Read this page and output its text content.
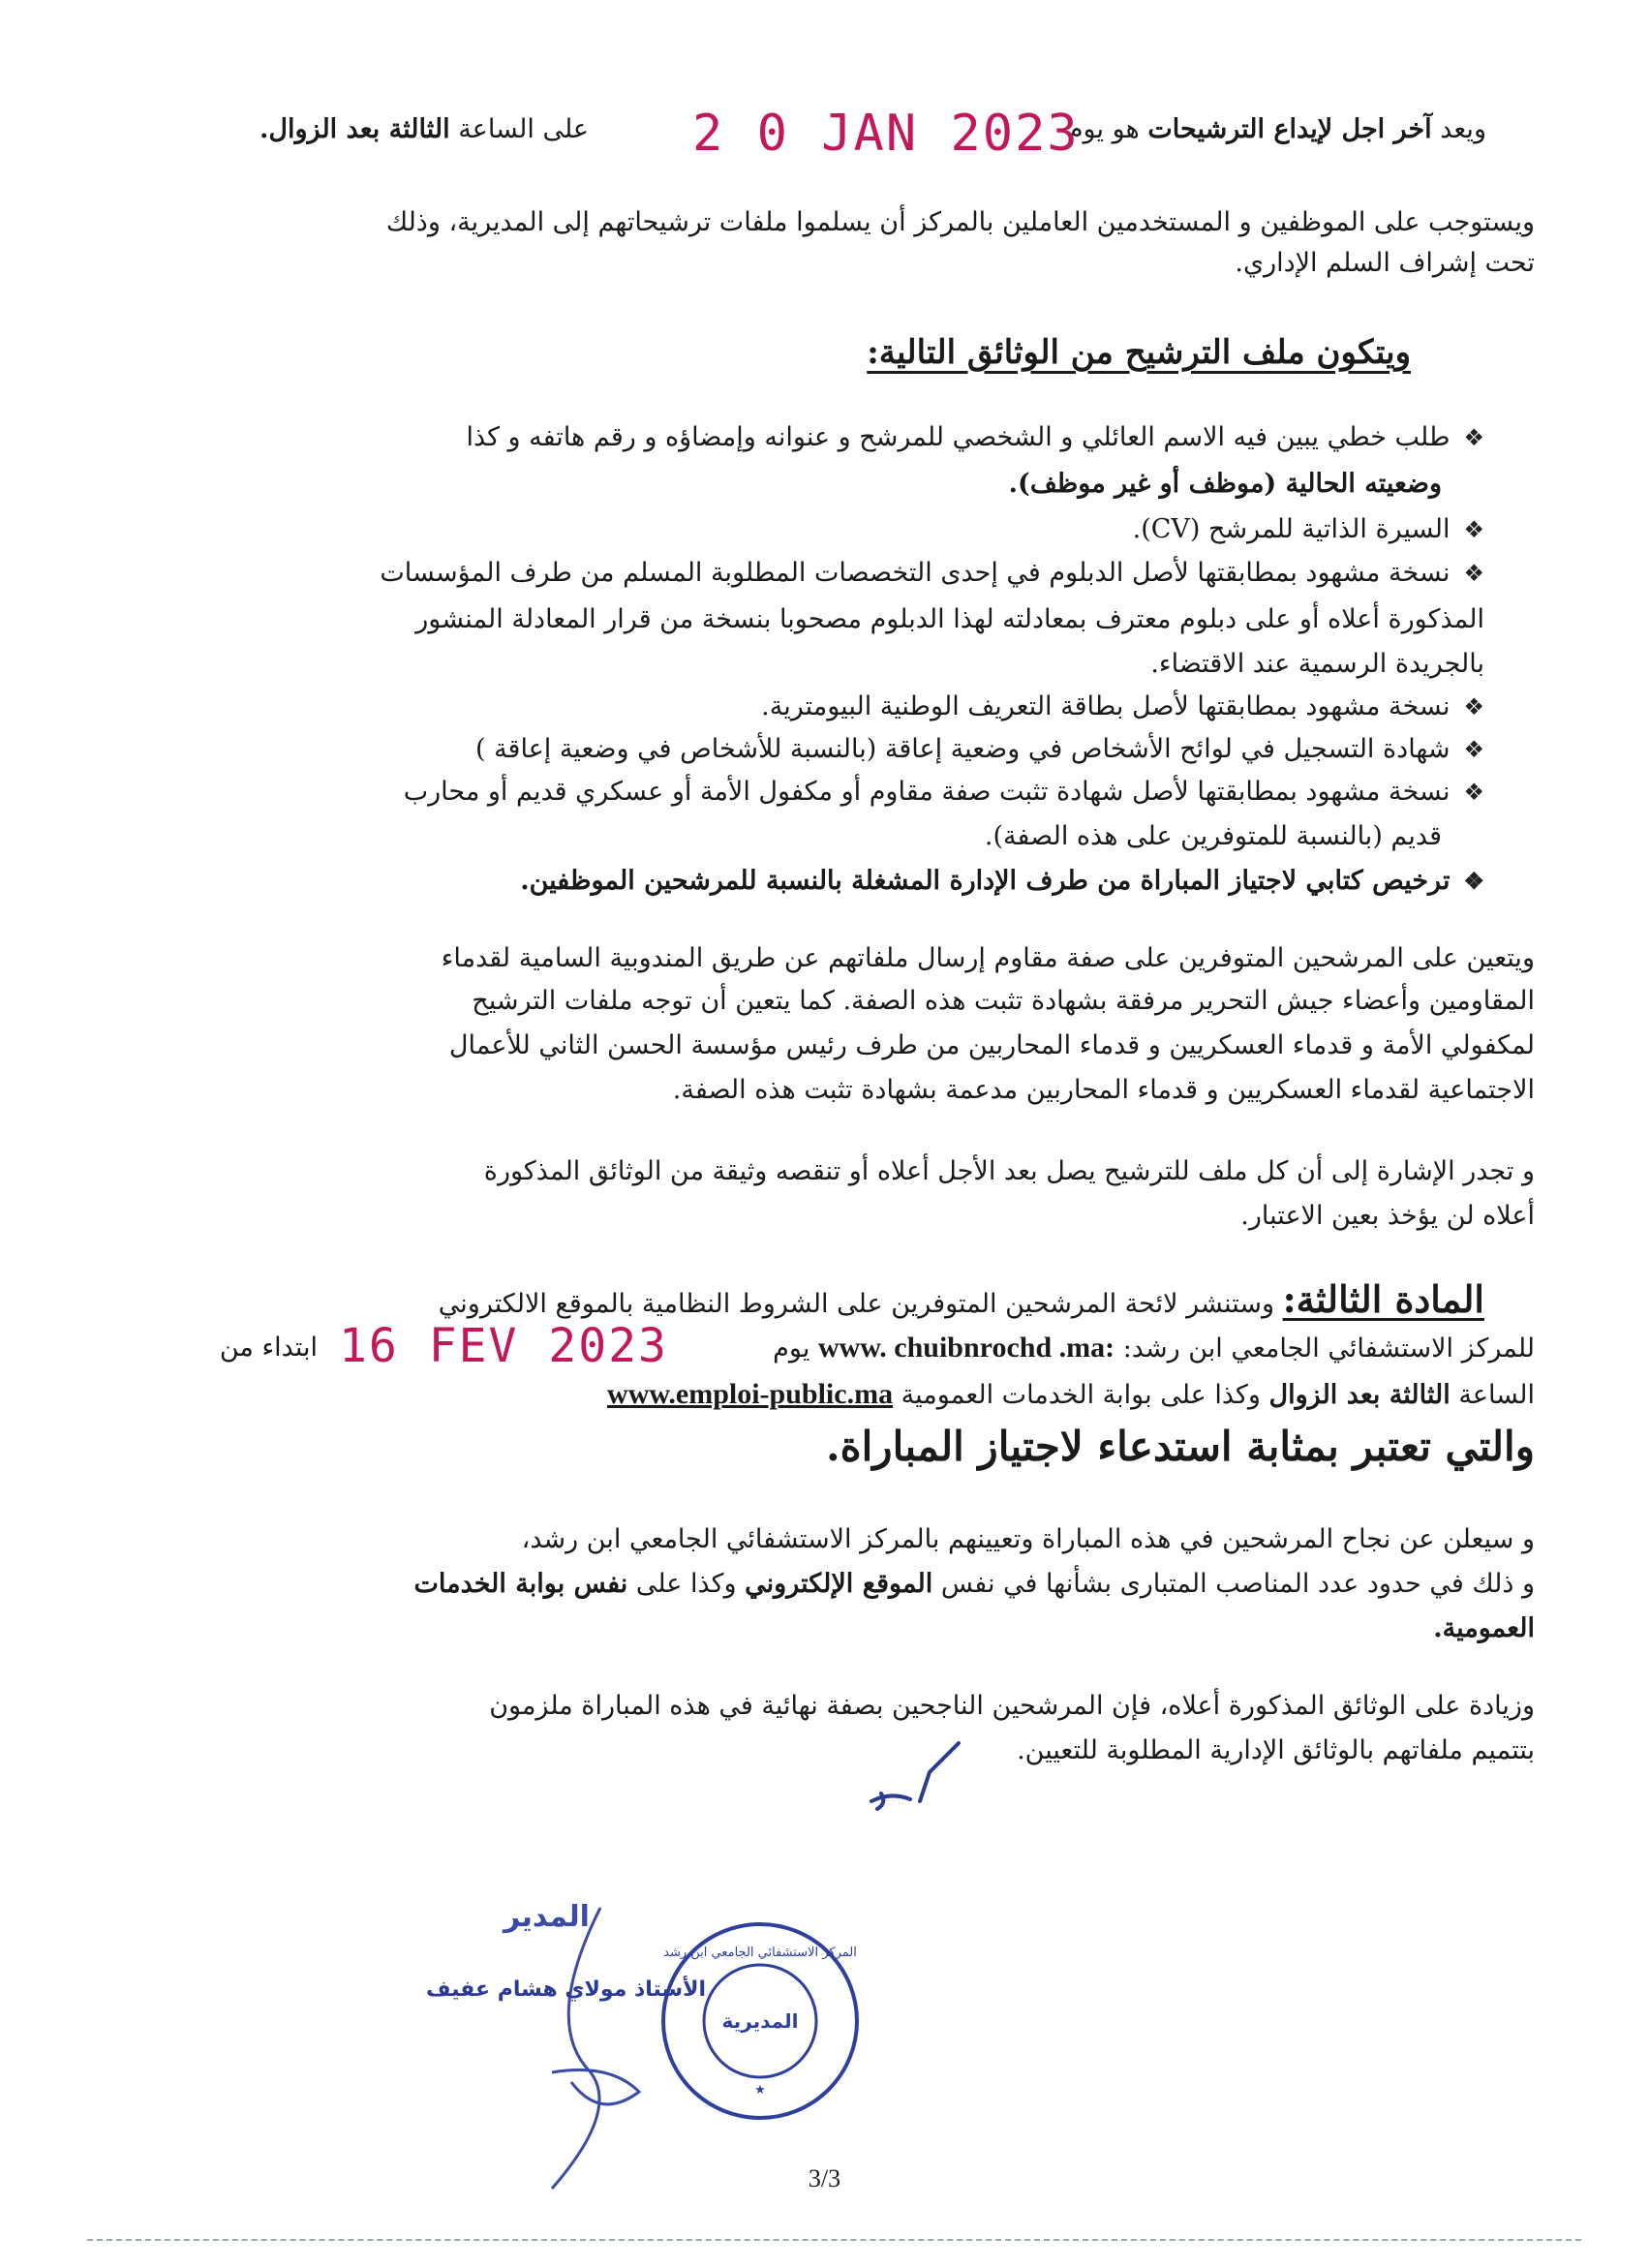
ويعد آخر اجل لإيداع الترشيحات هو يوم
2 0 JAN 2023
على الساعة الثالثة بعد الزوال.
ويستوجب على الموظفين و المستخدمين العاملين بالمركز أن يسلموا ملفات ترشيحاتهم إلى المديرية، وذلك
تحت إشراف السلم الإداري.
ويتكون ملف الترشيح من الوثائق التالية:
❖طلب خطي يبين فيه الاسم العائلي و الشخصي للمرشح و عنوانه وإمضاؤه و رقم هاتفه و كذا
وضعيته الحالية (موظف أو غير موظف).
❖السيرة الذاتية للمرشح (CV).
❖نسخة مشهود بمطابقتها لأصل الدبلوم في إحدى التخصصات المطلوبة المسلم من طرف المؤسسات
المذكورة أعلاه أو على دبلوم معترف بمعادلته لهذا الدبلوم مصحوبا بنسخة من قرار المعادلة المنشور
بالجريدة الرسمية عند الاقتضاء.
❖نسخة مشهود بمطابقتها لأصل بطاقة التعريف الوطنية البيومترية.
❖شهادة التسجيل في لوائح الأشخاص في وضعية إعاقة (بالنسبة للأشخاص في وضعية إعاقة )
❖نسخة مشهود بمطابقتها لأصل شهادة تثبت صفة مقاوم أو مكفول الأمة أو عسكري قديم أو محارب
قديم (بالنسبة للمتوفرين على هذه الصفة).
❖ترخيص كتابي لاجتياز المباراة من طرف الإدارة المشغلة بالنسبة للمرشحين الموظفين.
ويتعين على المرشحين المتوفرين على صفة مقاوم إرسال ملفاتهم عن طريق المندوبية السامية لقدماء
المقاومين وأعضاء جيش التحرير مرفقة بشهادة تثبت هذه الصفة. كما يتعين أن توجه ملفات الترشيح
لمكفولي الأمة و قدماء العسكريين و قدماء المحاربين من طرف رئيس مؤسسة الحسن الثاني للأعمال
الاجتماعية لقدماء العسكريين و قدماء المحاربين مدعمة بشهادة تثبت هذه الصفة.
و تجدر الإشارة إلى أن كل ملف للترشيح يصل بعد الأجل أعلاه أو تنقصه وثيقة من الوثائق المذكورة
أعلاه لن يؤخذ بعين الاعتبار.
المادة الثالثة: وستنشر لائحة المرشحين المتوفرين على الشروط النظامية بالموقع الالكتروني
للمركز الاستشفائي الجامعي ابن رشد: www. chuibnrochd .ma: يوم
16 FEV 2023
ابتداء من
الساعة الثالثة بعد الزوال وكذا على بوابة الخدمات العمومية www.emploi-public.ma
والتي تعتبر بمثابة استدعاء لاجتياز المباراة.
و سيعلن عن نجاح المرشحين في هذه المباراة وتعيينهم بالمركز الاستشفائي الجامعي ابن رشد،
و ذلك في حدود عدد المناصب المتبارى بشأنها في نفس الموقع الإلكتروني وكذا على نفس بوابة الخدمات
العمومية.
وزيادة على الوثائق المذكورة أعلاه، فإن المرشحين الناجحين بصفة نهائية في هذه المباراة ملزمون
بتتميم ملفاتهم بالوثائق الإدارية المطلوبة للتعيين.
المدير
الأستاذ مولاي هشام عفيف
المركز الاستشفائي الجامعي ابن رشد
★
المديرية
3/3
